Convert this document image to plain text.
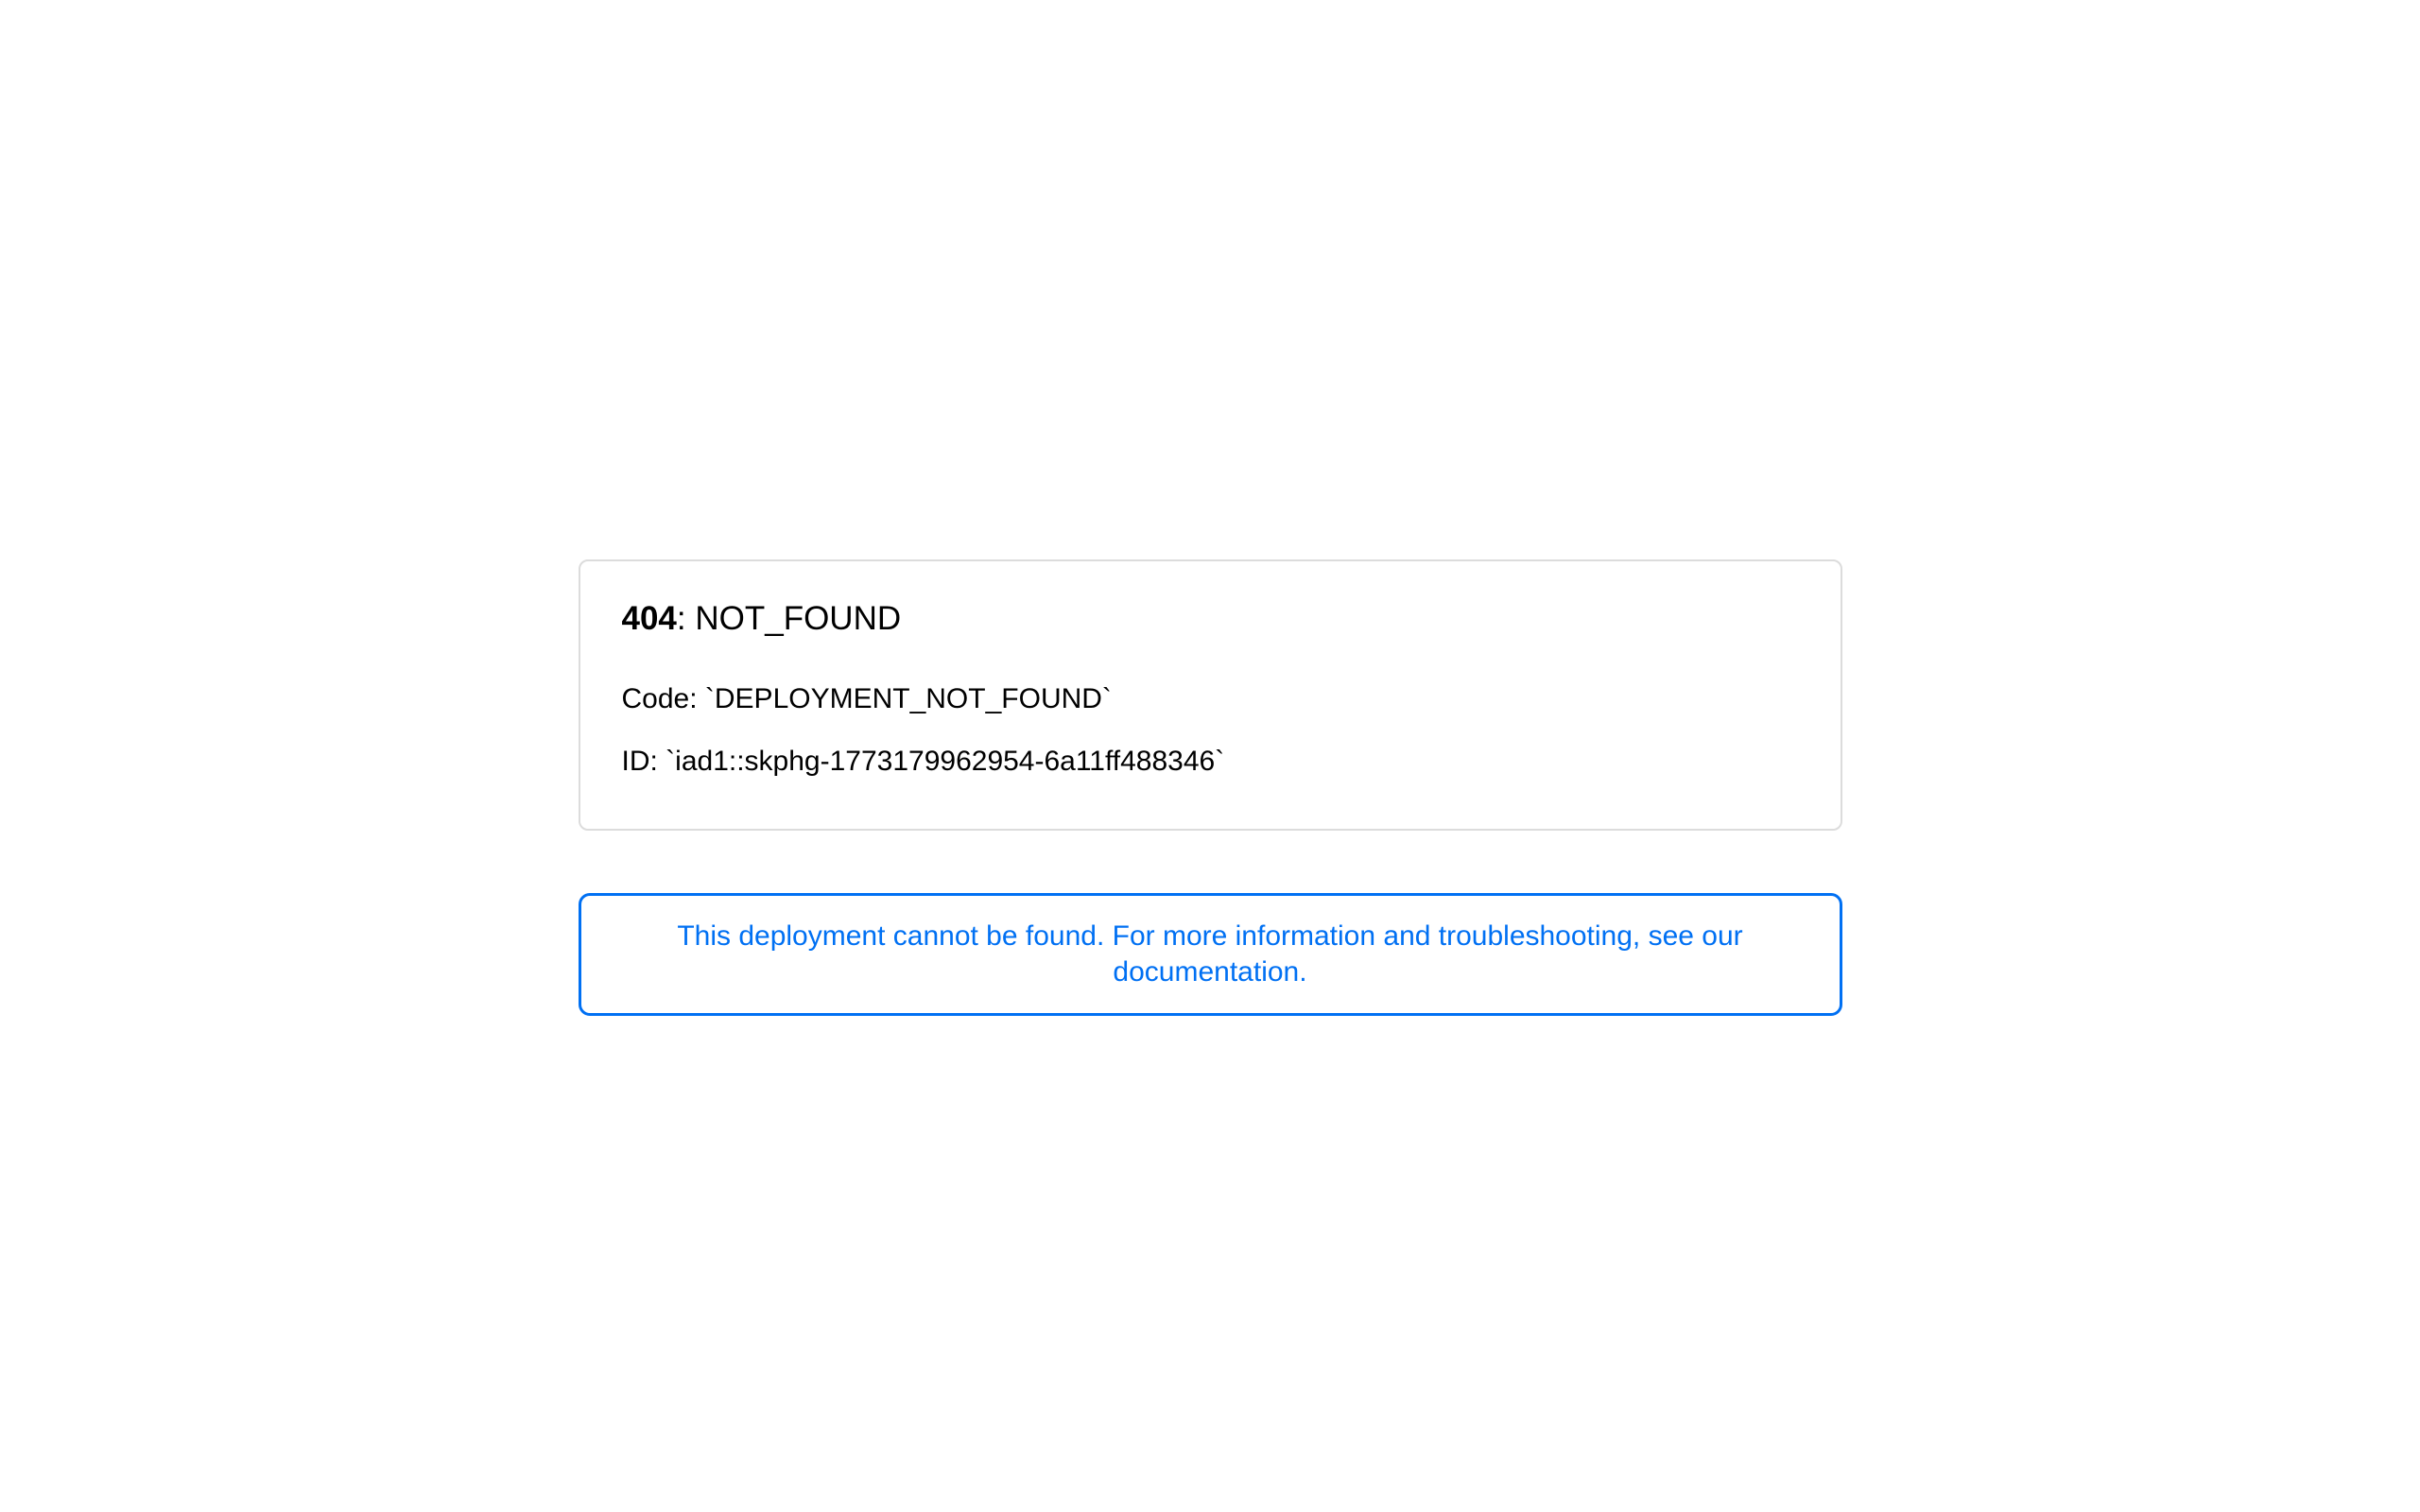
404: NOT_FOUND

Code: `DEPLOYMENT_NOT_FOUND`

ID: `iad1::skphg-1773179962954-6a11ff488346`

This deployment cannot be found. For more information and troubleshooting, see our documentation.
